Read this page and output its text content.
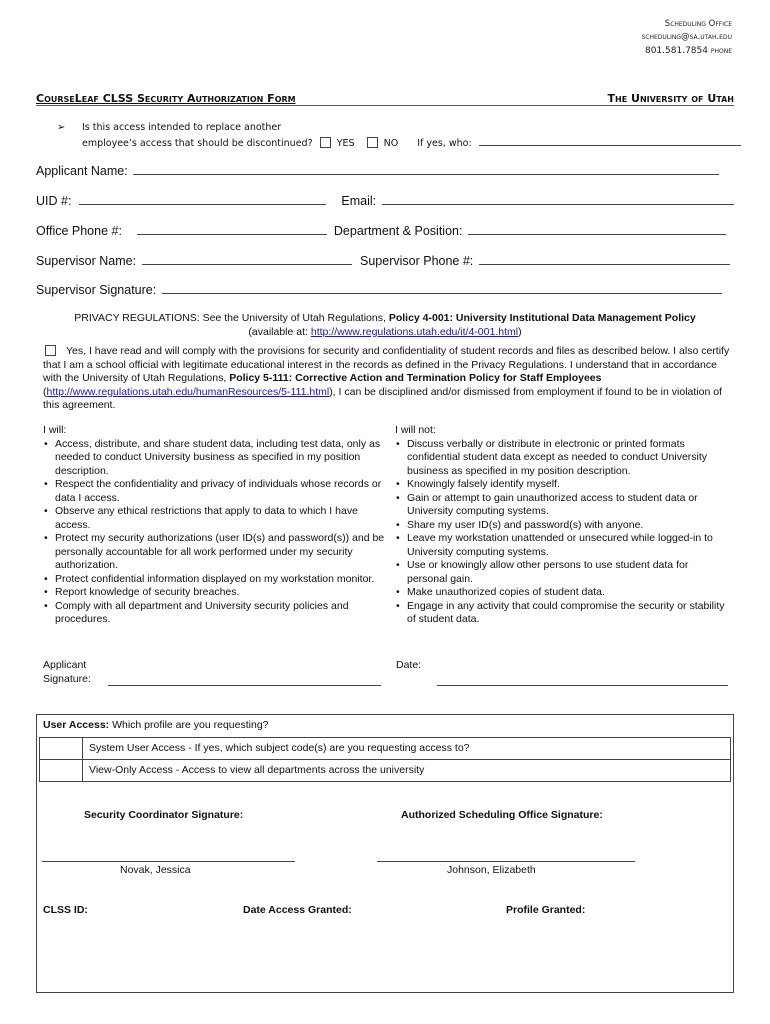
Scheduling Office
scheduling@sa.utah.edu
801.581.7854 phone
CourseLeaf CLSS Security Authorization Form	The University of Utah
➢ Is this access intended to replace another
employee’s access that should be discontinued?	YES	NO If yes, who:
Applicant Name:
UID #:	Email:
Office Phone #:	Department & Position:
Supervisor Name:	Supervisor Phone #:
Supervisor Signature:
PRIVACY REGULATIONS: See the University of Utah Regulations, Policy 4-001: University Institutional Data Management Policy
(available at: http://www.regulations.utah.edu/it/4-001.html)
Yes, I have read and will comply with the provisions for security and confidentiality of student records and files as described below. I also certify that I am a school official with legitimate educational interest in the records as defined in the Privacy Regulations. I understand that in accordance with the University of Utah Regulations, Policy 5-111: Corrective Action and Termination Policy for Staff Employees (http://www.regulations.utah.edu/humanResources/5-111.html), I can be disciplined and/or dismissed from employment if found to be in violation of this agreement.
I will:
• Access, distribute, and share student data, including test data, only as needed to conduct University business as specified in my position description.
• Respect the confidentiality and privacy of individuals whose records or data I access.
• Observe any ethical restrictions that apply to data to which I have access.
• Protect my security authorizations (user ID(s) and password(s)) and be personally accountable for all work performed under my security authorization.
• Protect confidential information displayed on my workstation monitor.
• Report knowledge of security breaches.
• Comply with all department and University security policies and procedures.
I will not:
• Discuss verbally or distribute in electronic or printed formats confidential student data except as needed to conduct University business as specified in my position description.
• Knowingly falsely identify myself.
• Gain or attempt to gain unauthorized access to student data or University computing systems.
• Share my user ID(s) and password(s) with anyone.
• Leave my workstation unattended or unsecured while logged-in to University computing systems.
• Use or knowingly allow other persons to use student data for personal gain.
• Make unauthorized copies of student data.
• Engage in any activity that could compromise the security or stability of student data.
Applicant
Signature:
Date:
User Access: Which profile are you requesting?
System User Access - If yes, which subject code(s) are you requesting access to?
View-Only Access - Access to view all departments across the university
Security Coordinator Signature:	Authorized Scheduling Office Signature:
Novak, Jessica	Johnson, Elizabeth
CLSS ID:	Date Access Granted:	Profile Granted:
